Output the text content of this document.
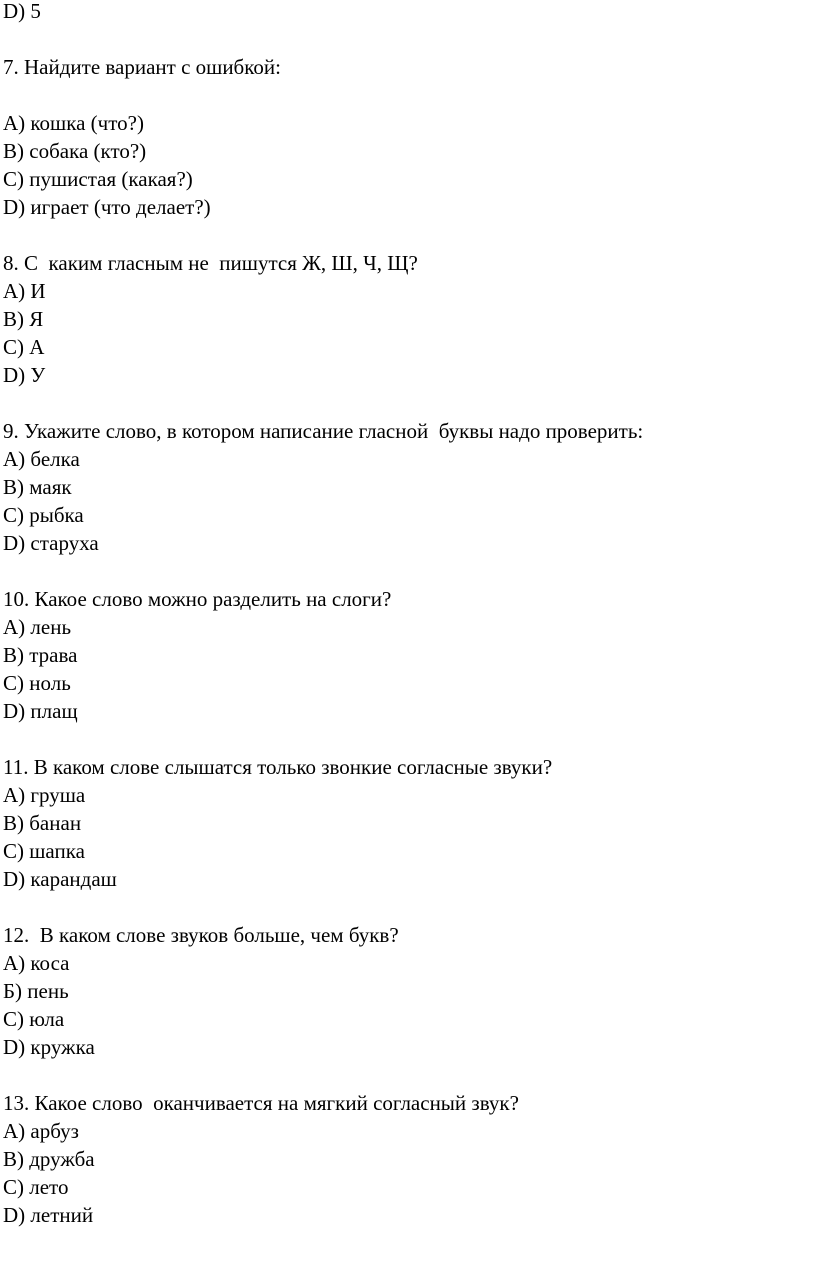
D) 5
7. Найдите вариант с ошибкой:
A) кошка (что?)
B) собака (кто?)
C) пушистая (какая?)
D) играет (что делает?)
8. С  каким гласным не  пишутся Ж, Ш, Ч, Щ?
A) И
B) Я
C) А
D) У
9. Укажите слово, в котором написание гласной  буквы надо проверить:
A) белка
B) маяк
C) рыбка
D) старуха
10. Какое слово можно разделить на слоги?
A) лень
B) трава
C) ноль
D) плащ
11. В каком слове слышатся только звонкие согласные звуки?
A) груша
B) банан
C) шапка
D) карандаш
12.  В каком слове звуков больше, чем букв?
A) коса
Б) пень
C) юла
D) кружка
13. Какое слово  оканчивается на мягкий согласный звук?
A) арбуз
B) дружба
C) лето
D) летний
